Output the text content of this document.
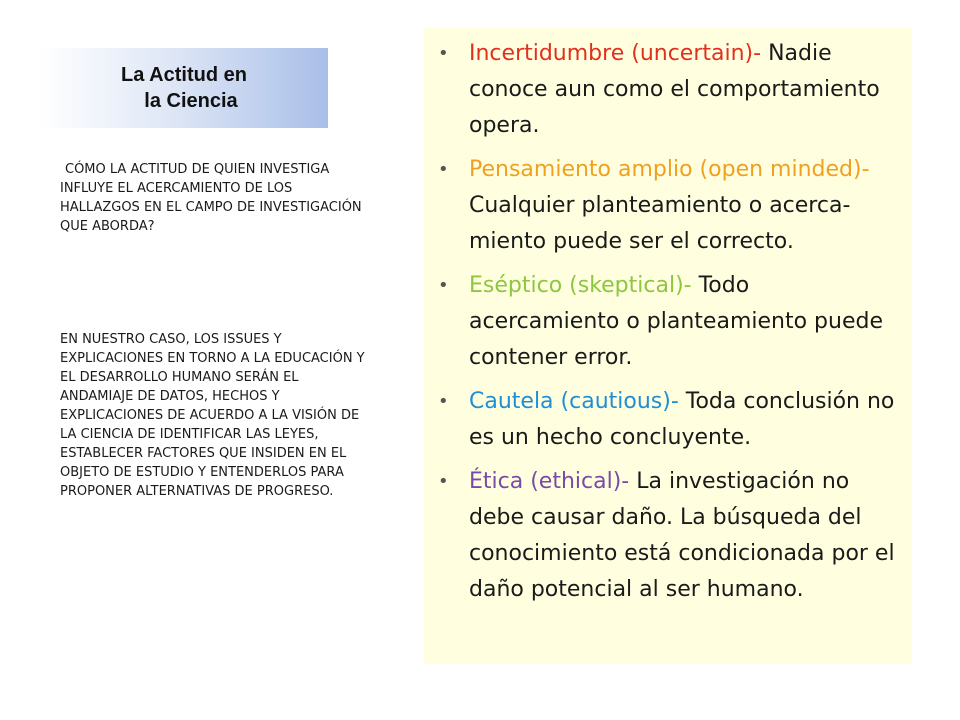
La Actitud en
la Ciencia
CÓMO LA ACTITUD DE QUIEN INVESTIGA INFLUYE EL ACERCAMIENTO DE LOS HALLAZGOS EN EL CAMPO DE INVESTIGACIÓN QUE ABORDA?
EN NUESTRO CASO, LOS ISSUES Y EXPLICACIONES EN TORNO A LA EDUCACIÓN Y EL DESARROLLO HUMANO SERÁN EL ANDAMIAJE DE DATOS, HECHOS Y EXPLICACIONES DE ACUERDO A LA VISIÓN DE LA CIENCIA DE IDENTIFICAR LAS LEYES, ESTABLECER FACTORES QUE INSIDEN EN EL OBJETO DE ESTUDIO Y ENTENDERLOS PARA PROPONER ALTERNATIVAS DE PROGRESO.
• Incertidumbre (uncertain)- Nadie conoce aun como el comportamiento opera.
• Pensamiento amplio (open minded)- Cualquier planteamiento o acerca-miento puede ser el correcto.
• Eséptico (skeptical)- Todo acercamiento o planteamiento puede contener error.
• Cautela (cautious)- Toda conclusión no es un hecho concluyente.
• Ética (ethical)- La investigación no debe causar daño. La búsqueda del conocimiento está condicionada por el daño potencial al ser humano.
